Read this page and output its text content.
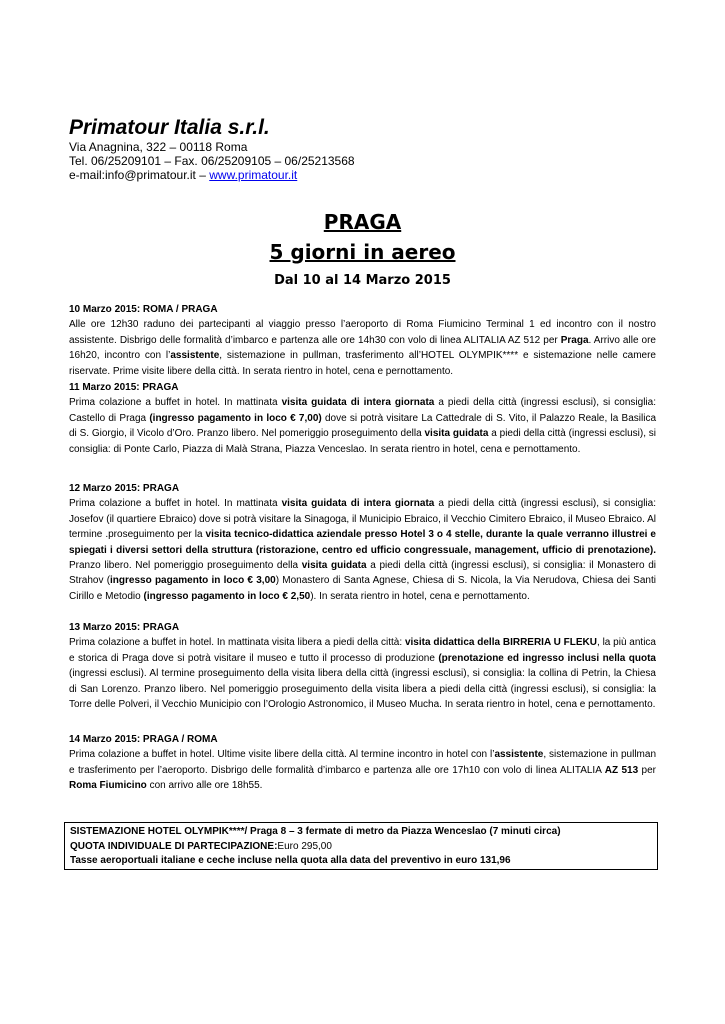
Primatour Italia s.r.l.

Via Anagnina, 322 – 00118 Roma

Tel. 06/25209101 – Fax. 06/25209105 – 06/25213568

e-mail:info@primatour.it – www.primatour.it

PRAGA
5 giorni in aereo

Dal 10 al 14 Marzo 2015

10 Marzo 2015: ROMA / PRAGA

Alle ore 12h30 raduno dei partecipanti al viaggio presso l’aeroporto di Roma Fiumicino Terminal 1 ed incontro con il nostro assistente. Disbrigo delle formalità d’imbarco e partenza alle ore 14h30 con volo di linea ALITALIA AZ 512 per Praga. Arrivo alle ore 16h20, incontro con l’assistente, sistemazione in pullman, trasferimento all’HOTEL OLYMPIK**** e sistemazione nelle camere riservate. Prime visite libere della città. In serata rientro in hotel, cena e pernottamento.

11 Marzo 2015: PRAGA

Prima colazione a buffet in hotel. In mattinata visita guidata di intera giornata a piedi della città (ingressi esclusi), si consiglia: Castello di Praga (ingresso pagamento in loco € 7,00) dove si potrà visitare La Cattedrale di S. Vito, il Palazzo Reale, la Basilica di S. Giorgio, il Vicolo d’Oro. Pranzo libero. Nel pomeriggio proseguimento della visita guidata a piedi della città (ingressi esclusi), si consiglia: di Ponte Carlo, Piazza di Malà Strana, Piazza Venceslao. In serata rientro in hotel, cena e pernottamento.

12 Marzo 2015: PRAGA

Prima colazione a buffet in hotel. In mattinata visita guidata di intera giornata a piedi della città (ingressi esclusi), si consiglia: Josefov (il quartiere Ebraico) dove si potrà visitare la Sinagoga, il Municipio Ebraico, il Vecchio Cimitero Ebraico, il Museo Ebraico. Al termine .proseguimento per la visita tecnico-didattica aziendale presso Hotel 3 o 4 stelle, durante la quale verranno illustrei e spiegati i diversi settori della struttura (ristorazione, centro ed ufficio congressuale, management, ufficio di prenotazione). Pranzo libero. Nel pomeriggio proseguimento della visita guidata a piedi della città (ingressi esclusi), si consiglia: il Monastero di Strahov (ingresso pagamento in loco € 3,00) Monastero di Santa Agnese, Chiesa di S. Nicola, la Via Nerudova, Chiesa dei Santi Cirillo e Metodio (ingresso pagamento in loco € 2,50). In serata rientro in hotel, cena e pernottamento.

13 Marzo 2015: PRAGA

Prima colazione a buffet in hotel. In mattinata visita libera a piedi della città: visita didattica della BIRRERIA U FLEKU, la più antica e storica di Praga dove si potrà visitare il museo e tutto il processo di produzione (prenotazione ed ingresso inclusi nella quota (ingressi esclusi). Al termine proseguimento della visita libera della città (ingressi esclusi), si consiglia: la collina di Petrin, la Chiesa di San Lorenzo. Pranzo libero. Nel pomeriggio proseguimento della visita libera a piedi della città (ingressi esclusi), si consiglia: la Torre delle Polveri, il Vecchio Municipio con l’Orologio Astronomico, il Museo Mucha. In serata rientro in hotel, cena e pernottamento.

14 Marzo 2015: PRAGA / ROMA

Prima colazione a buffet in hotel. Ultime visite libere della città. Al termine incontro in hotel con l’assistente, sistemazione in pullman e trasferimento per l’aeroporto. Disbrigo delle formalità d’imbarco e partenza alle ore 17h10 con volo di linea ALITALIA AZ 513 per Roma Fiumicino con arrivo alle ore 18h55.

SISTEMAZIONE HOTEL OLYMPIK****/ Praga 8 – 3 fermate di metro da Piazza Wenceslao (7 minuti circa)

QUOTA INDIVIDUALE DI PARTECIPAZIONE:Euro 295,00

Tasse aeroportuali italiane e ceche incluse nella quota alla data del preventivo in euro 131,96
